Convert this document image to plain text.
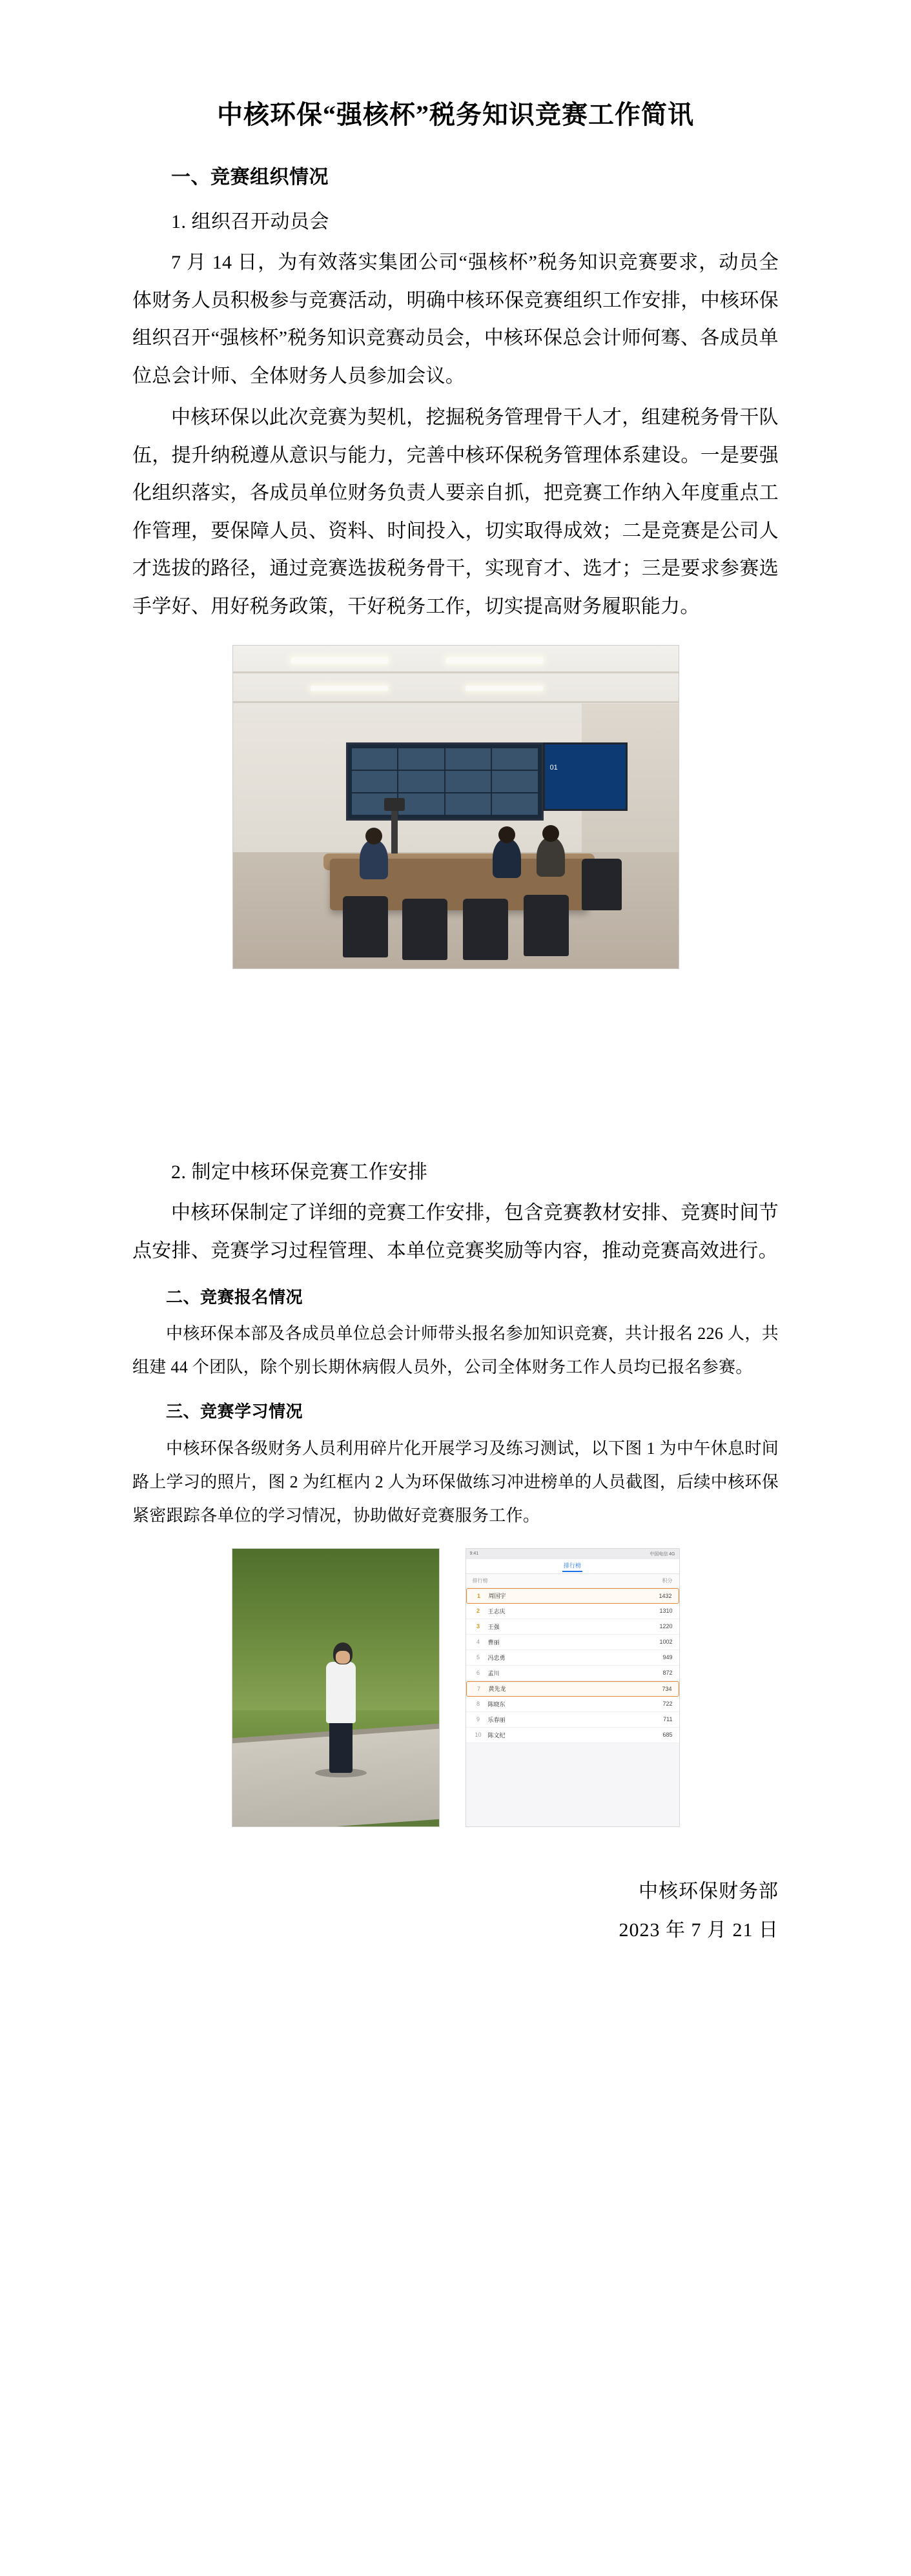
中核环保“强核杯”税务知识竞赛工作简讯
一、竞赛组织情况
1. 组织召开动员会

7 月 14 日，为有效落实集团公司“强核杯”税务知识竞赛要求，动员全体财务人员积极参与竞赛活动，明确中核环保竞赛组织工作安排，中核环保组织召开“强核杯”税务知识竞赛动员会，中核环保总会计师何骞、各成员单位总会计师、全体财务人员参加会议。

中核环保以此次竞赛为契机，挖掘税务管理骨干人才，组建税务骨干队伍，提升纳税遵从意识与能力，完善中核环保税务管理体系建设。一是要强化组织落实，各成员单位财务负责人要亲自抓，把竞赛工作纳入年度重点工作管理，要保障人员、资料、时间投入，切实取得成效；二是竞赛是公司人才选拔的路径，通过竞赛选拔税务骨干，实现育才、选才；三是要求参赛选手学好、用好税务政策，干好税务工作，切实提高财务履职能力。

01
2. 制定中核环保竞赛工作安排

中核环保制定了详细的竞赛工作安排，包含竞赛教材安排、竞赛时间节点安排、竞赛学习过程管理、本单位竞赛奖励等内容，推动竞赛高效进行。

二、竞赛报名情况

中核环保本部及各成员单位总会计师带头报名参加知识竞赛，共计报名 226 人，共组建 44 个团队，除个别长期休病假人员外，公司全体财务工作人员均已报名参赛。

三、竞赛学习情况

中核环保各级财务人员利用碎片化开展学习及练习测试，以下图 1 为中午休息时间路上学习的照片，图 2 为红框内 2 人为环保做练习冲进榜单的人员截图，后续中核环保紧密跟踪各单位的学习情况，协助做好竞赛服务工作。

9:41	中国电信 4G
排行榜
排行榜	积分
1	周国宇	1432
2	王志庆	1310
3	王强	1220
4	曹丽	1002
5	冯忠勇	949
6	孟川	872
7	黄先龙	734
8	陈晓东	722
9	乐春丽	711
10	陈文纪	685
中核环保财务部
2023 年 7 月 21 日
